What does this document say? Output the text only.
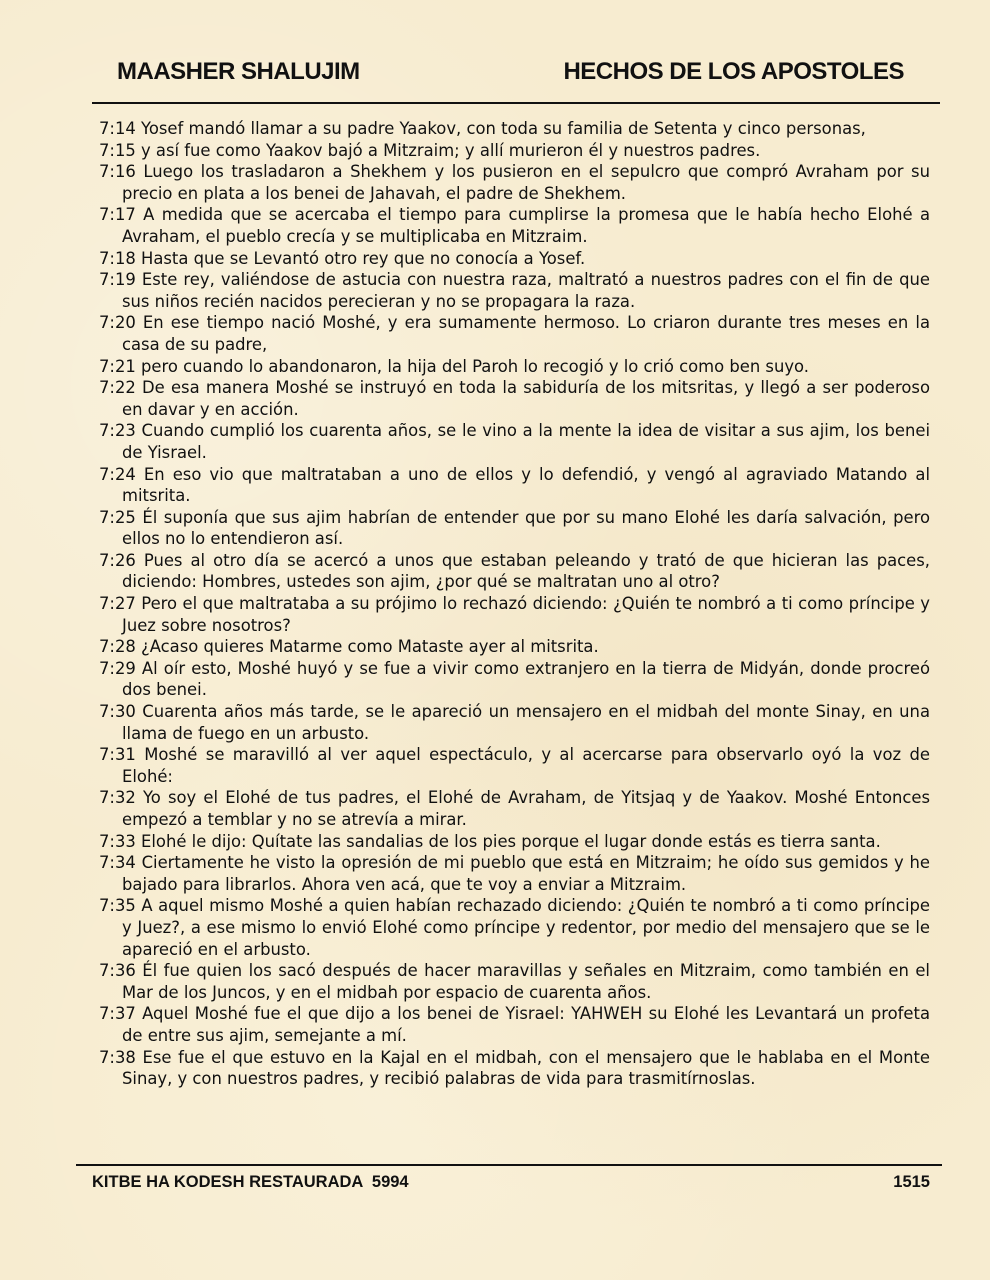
MAASHER SHALUJIM	HECHOS DE LOS APOSTOLES
7:14 Yosef mandó llamar a su padre Yaakov, con toda su familia de Setenta y cinco personas,
7:15 y así fue como Yaakov bajó a Mitzraim; y allí murieron él y nuestros padres.
7:16 Luego los trasladaron a Shekhem y los pusieron en el sepulcro que compró Avraham por su precio en plata a los benei de Jahavah, el padre de Shekhem.
7:17 A medida que se acercaba el tiempo para cumplirse la promesa que le había hecho Elohé a Avraham, el pueblo crecía y se multiplicaba en Mitzraim.
7:18 Hasta que se Levantó otro rey que no conocía a Yosef.
7:19 Este rey, valiéndose de astucia con nuestra raza, maltrató a nuestros padres con el fin de que sus niños recién nacidos perecieran y no se propagara la raza.
7:20 En ese tiempo nació Moshé, y era sumamente hermoso. Lo criaron durante tres meses en la casa de su padre,
7:21 pero cuando lo abandonaron, la hija del Paroh lo recogió y lo crió como ben suyo.
7:22 De esa manera Moshé se instruyó en toda la sabiduría de los mitsritas, y llegó a ser poderoso en davar y en acción.
7:23 Cuando cumplió los cuarenta años, se le vino a la mente la idea de visitar a sus ajim, los benei de Yisrael.
7:24 En eso vio que maltrataban a uno de ellos y lo defendió, y vengó al agraviado Matando al mitsrita.
7:25 Él suponía que sus ajim habrían de entender que por su mano Elohé les daría salvación, pero ellos no lo entendieron así.
7:26 Pues al otro día se acercó a unos que estaban peleando y trató de que hicieran las paces, diciendo: Hombres, ustedes son ajim, ¿por qué se maltratan uno al otro?
7:27 Pero el que maltrataba a su prójimo lo rechazó diciendo: ¿Quién te nombró a ti como príncipe y Juez sobre nosotros?
7:28 ¿Acaso quieres Matarme como Mataste ayer al mitsrita.
7:29 Al oír esto, Moshé huyó y se fue a vivir como extranjero en la tierra de Midyán, donde procreó dos benei.
7:30 Cuarenta años más tarde, se le apareció un mensajero en el midbah del monte Sinay, en una llama de fuego en un arbusto.
7:31 Moshé se maravilló al ver aquel espectáculo, y al acercarse para observarlo oyó la voz de Elohé:
7:32 Yo soy el Elohé de tus padres, el Elohé de Avraham, de Yitsjaq y de Yaakov. Moshé Entonces empezó a temblar y no se atrevía a mirar.
7:33 Elohé le dijo: Quítate las sandalias de los pies porque el lugar donde estás es tierra santa.
7:34 Ciertamente he visto la opresión de mi pueblo que está en Mitzraim; he oído sus gemidos y he bajado para librarlos. Ahora ven acá, que te voy a enviar a Mitzraim.
7:35 A aquel mismo Moshé a quien habían rechazado diciendo: ¿Quién te nombró a ti como príncipe y Juez?, a ese mismo lo envió Elohé como príncipe y redentor, por medio del mensajero que se le apareció en el arbusto.
7:36 Él fue quien los sacó después de hacer maravillas y señales en Mitzraim, como también en el Mar de los Juncos, y en el midbah por espacio de cuarenta años.
7:37 Aquel Moshé fue el que dijo a los benei de Yisrael: YAHWEH su Elohé les Levantará un profeta de entre sus ajim, semejante a mí.
7:38 Ese fue el que estuvo en la Kajal en el midbah, con el mensajero que le hablaba en el Monte Sinay, y con nuestros padres, y recibió palabras de vida para trasmitírnoslas.
KITBE HA KODESH RESTAURADA  5994	1515
